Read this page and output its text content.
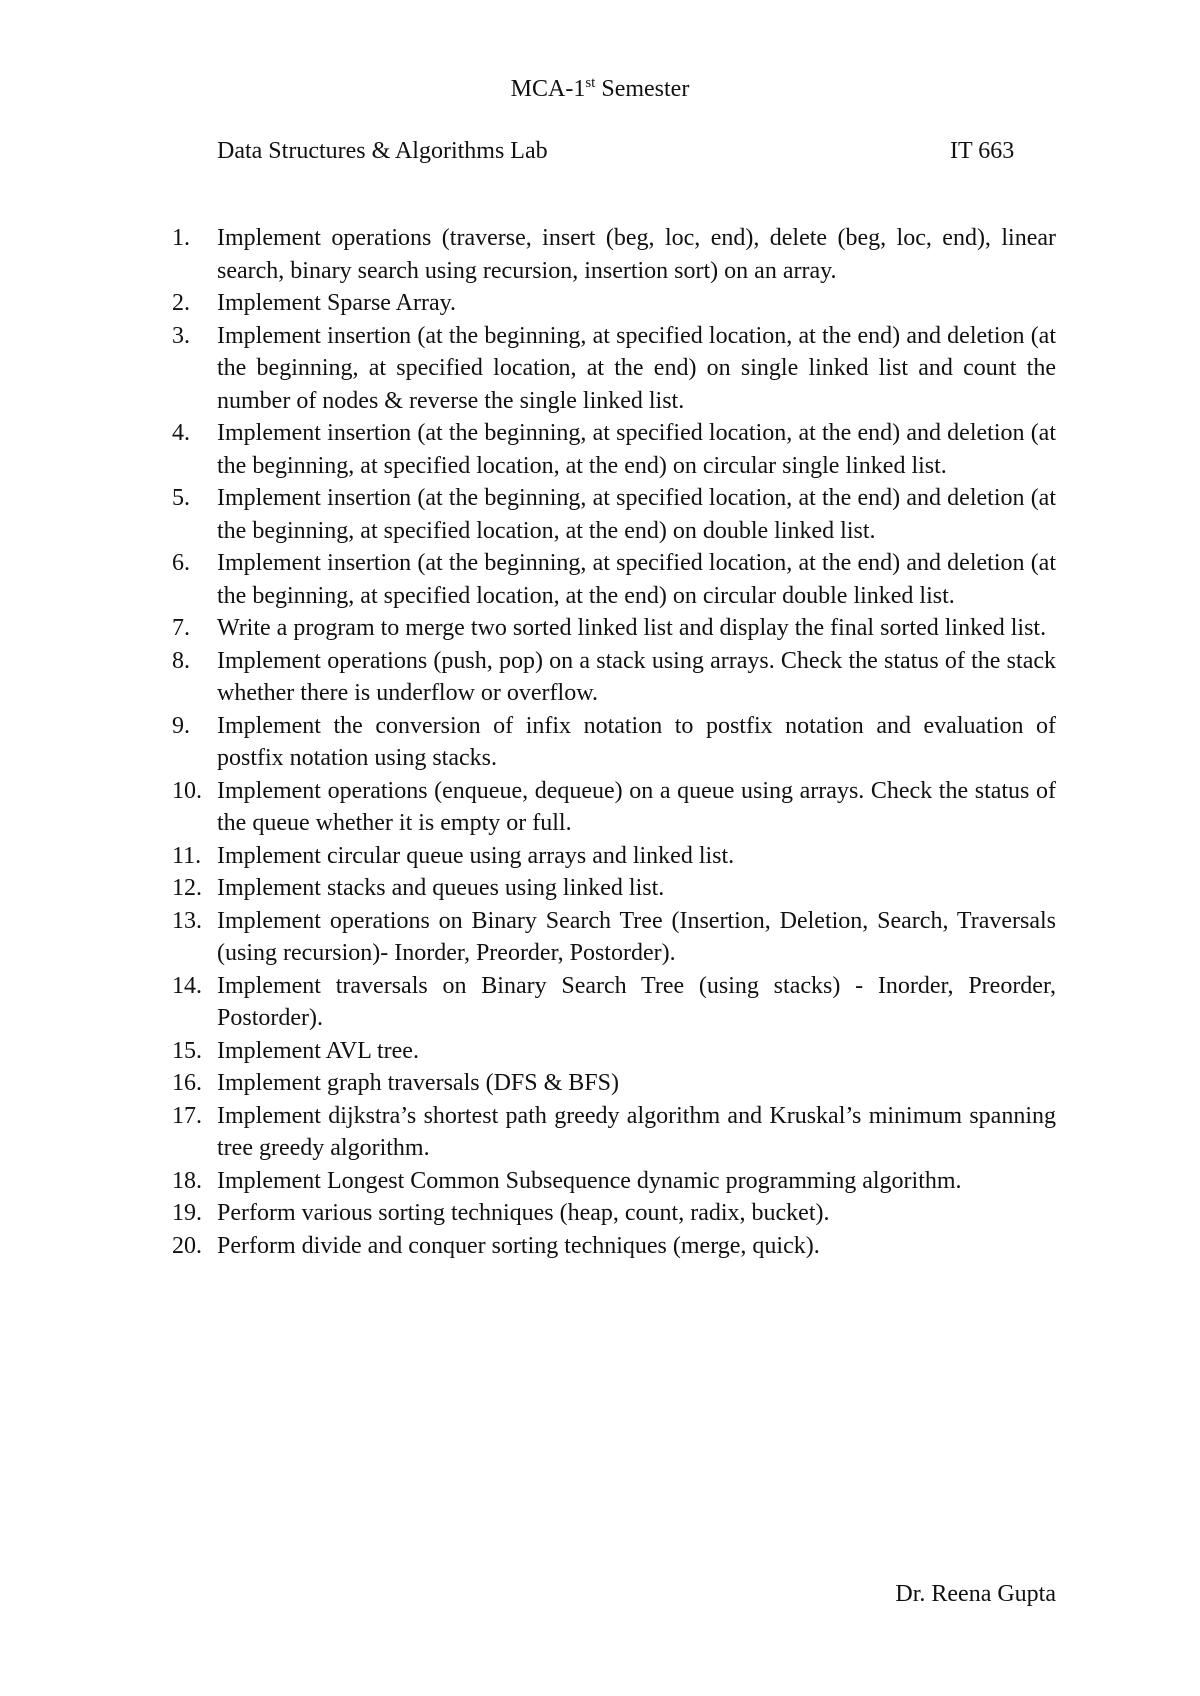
MCA-1st Semester
Data Structures & Algorithms Lab	IT 663
1.	Implement operations (traverse, insert (beg, loc, end), delete (beg, loc, end), linear search, binary search using recursion, insertion sort) on an array.
2.	Implement Sparse Array.
3.	Implement insertion (at the beginning, at specified location, at the end) and deletion (at the beginning, at specified location, at the end) on single linked list and count the number of nodes & reverse the single linked list.
4.	Implement insertion (at the beginning, at specified location, at the end) and deletion (at the beginning, at specified location, at the end) on circular single linked list.
5.	Implement insertion (at the beginning, at specified location, at the end) and deletion (at the beginning, at specified location, at the end) on double linked list.
6.	Implement insertion (at the beginning, at specified location, at the end) and deletion (at the beginning, at specified location, at the end) on circular double linked list.
7.	Write a program to merge two sorted linked list and display the final sorted linked list.
8.	Implement operations (push, pop) on a stack using arrays. Check the status of the stack whether there is underflow or overflow.
9.	Implement the conversion of infix notation to postfix notation and evaluation of postfix notation using stacks.
10. Implement operations (enqueue, dequeue) on a queue using arrays. Check the status of the queue whether it is empty or full.
11. Implement circular queue using arrays and linked list.
12. Implement stacks and queues using linked list.
13. Implement operations on Binary Search Tree (Insertion, Deletion, Search, Traversals (using recursion)- Inorder, Preorder, Postorder).
14. Implement traversals on Binary Search Tree (using stacks) - Inorder, Preorder, Postorder).
15. Implement AVL tree.
16. Implement graph traversals (DFS & BFS)
17. Implement dijkstra’s shortest path greedy algorithm and Kruskal’s minimum spanning tree greedy algorithm.
18. Implement Longest Common Subsequence dynamic programming algorithm.
19. Perform various sorting techniques (heap, count, radix, bucket).
20. Perform divide and conquer sorting techniques (merge, quick).
Dr. Reena Gupta
